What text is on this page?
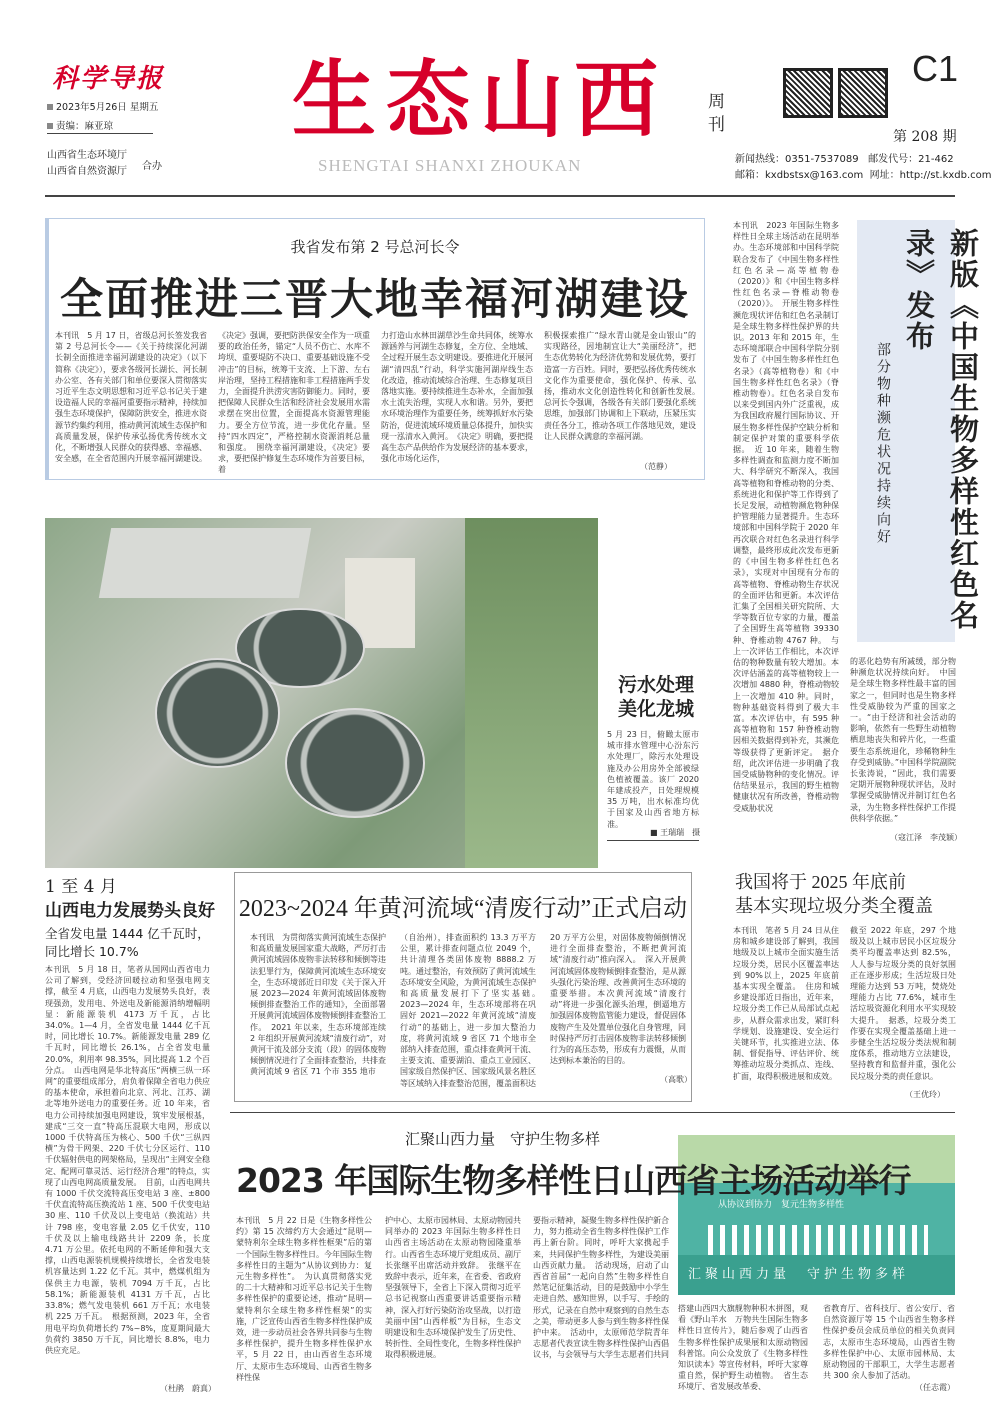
科学导报
2023年5月26日 星期五
责编：麻亚琼
山西省生态环境厅
山西省自然资源厅 合办
生态山西 周刊
SHENGTAI SHANXI ZHOUKAN
C1
第 208 期
新闻热线：0351-7537089 邮发代号：21-462
邮箱：kxdbstsx@163.com 网址：http://st.kxdb.com
我省发布第 2 号总河长令
全面推进三晋大地幸福河湖建设
本刊讯　5 月 17 日，省级总河长签发我省第 2 号总河长令——《关于持续深化河湖长制全面推进幸福河湖建设的决定》（以下简称《决定》），要求各级河长湖长、河长制办公室、各有关部门和单位要深入贯彻落实习近平生态文明思想和习近平总书记关于建设造福人民的幸福河重要指示精神，持续加强生态环境保护，保障防洪安全，推进水资源节约集约利用，推动黄河流域生态保护和高质量发展，保护传承弘扬优秀传统水文化，不断增强人民群众的获得感、幸福感、安全感，在全省范围内开展幸福河湖建设。
《决定》强调，要把防洪保安全作为一项重要的政治任务，锚定“人员不伤亡、水库不垮坝、重要堤防不决口、重要基础设施不受冲击”的目标，统筹干支流、上下游、左右岸治理，坚持工程措施和非工程措施两手发力，全面提升洪涝灾害防御能力。同时，要把保障人民群众生活和经济社会发展用水需求摆在突出位置，全面提高水资源管理能力。要全方位节流，进一步优化存量。坚持“四水四定”，严格控制水资源消耗总量和强度。　围绕幸福河湖建设，《决定》要求，要把保护修复生态环境作为首要目标，着
力打造山水林田湖草沙生命共同体，统筹水源涵养与河湖生态修复，全方位、全地域、全过程开展生态文明建设。要推进化开展河湖“清四乱”行动，科学实施河湖岸线生态化改造，推动流域综合治理、生态修复项目落地实施。要持续推进生态补水，全面加强水土流失治理，实现人水和谐。另外，要把水环境治理作为重要任务，统筹抓好水污染防治，促进流域环境质量总体提升，加快实现一泓清水入黄河。　《决定》明确，要把提高生态产品供给作为发展经济的基本要求，强化市场化运作，
积极探索推广“绿水青山就是金山银山”的实现路径，因地制宜让大“美丽经济”，把生态优势转化为经济优势和发展优势，要打造富一方百姓。同时，要把弘扬优秀传统水文化作为重要使命，强化保护、传承、弘扬，推动水文化创造性转化和创新性发展。　总河长令强调，各级各有关部门要强化系统思维，加强部门协调和上下联动，压紧压实责任各分工，推动各项工作落地见效，建设让人民群众满意的幸福河湖。
（范静）
污水处理
美化龙城
5 月 23 日，俯瞰太原市城市排水管理中心汾东污水处理厂，除污水处理设施及办公用房外全部被绿色植被覆盖。该厂 2020 年建成投产，日处理规模 35 万吨，出水标准均优于国家及山西省地方标准。
■ 王瑞瑞　摄
本刊讯　2023 年国际生物多样性日全球主场活动在昆明举办。生态环境部和中国科学院联合发布了《中国生物多样性红色名录—高等植物卷（2020）》和《中国生物多样性红色名录—脊椎动物卷（2020）》。　开展生物多样性濒危现状评估和红色名录制订是全球生物多样性保护界的共识。2013 年和 2015 年，生态环境部联合中国科学院分别发布了《中国生物多样性红色名录》（高等植物卷）和《中国生物多样性红色名录》（脊椎动物卷）。红色名录自发布以来受到国内外广泛重视，成为我国政府履行国际协议、开展生物多样性保护空缺分析和制定保护对策的重要科学依据。　近 10 年来，随着生物多样性调查和监测力度不断加大、科学研究不断深入，我国高等植物和脊椎动物的分类、系统进化和保护等工作得到了长足发展，动植物濒危物种保护管理能力显著提升。生态环境部和中国科学院于 2020 年再次联合对红色名录进行科学调整，最终形成此次发布更新的《中国生物多样性红色名录》，实现对中国现有分布的高等植物、脊椎动物生存状况的全面评估和更新。本次评估汇集了全国相关研究院所、大学等数百位专家的力量，覆盖了全国野生高等植物 39330 种、脊椎动物 4767 种。　与上一次评估工作相比，本次评估的物种数量有较大增加。本次评估涵盖的高等植物较上一次增加 4880 种，脊椎动物较上一次增加 410 种。同时，物种基础资料得到了极大丰富。本次评估中，有 595 种高等植物和 157 种脊椎动物因相关数据得到补充，其濒危等级获得了更新评定。　据介绍，此次评估进一步明确了我国受威胁物种的变化情况。评估结果显示，我国的野生植物健康状况有所改善，脊椎动物受威胁状况
新版《中国生物多样性红色名录》发布
部分物种濒危状况持续向好
的恶化趋势有所减缓，部分物种濒危状况持续向好。　中国是全球生物多样性最丰富的国家之一，但同时也是生物多样性受威胁较为严重的国家之一。“由于经济和社会活动的影响，依然有一些野生动植物栖息地丧失和碎片化，一些重要生态系统退化，珍稀物种生存受到威胁。”中国科学院副院长张涛说，“因此，我们需要定期开展物种现状评估，及时掌握受威胁情况并制订红色名录，为生物多样性保护工作提供科学依据。”
（寇江泽　李茂颖）
1 至 4 月
山西电力发展势头良好
全省发电量 1444 亿千瓦时，同比增长 10.7%
本刊讯　5 月 18 日，笔者从国网山西省电力公司了解到，受经济回暖拉动和坚强电网支撑，截至 4 月底，山西电力发展势头良好，表现强劲，发用电、外送电及新能源消纳增幅明显：新能源装机 4173 万千瓦，占比 34.0%。1—4 月，全省发电量 1444 亿千瓦时，同比增长 10.7%。新能源发电量 289 亿千瓦时，同比增长 26.1%，占全省发电量 20.0%，利用率 98.35%，同比提高 1.2 个百分点。　山西电网是华北特高压“两横三纵一环网”的重要组成部分，肩负着保障全省电力供应的基本使命，承担着向北京、河北、江苏、湖北等地外送电力的重要任务。近 10 年来，省电力公司持续加强电网建设，筑牢发展根基，建成“三交一直”特高压混联大电网，形成以 1000 千伏特高压为核心、500 千伏“三纵四横”为骨干网架、220 千伏七分区运行、110 千伏辐射供电的网架格局，呈现出“主网安全稳定、配网可靠灵活、运行经济合理”的特点，实现了山西电网高质量发展。　目前，山西电网共有 1000 千伏交流特高压变电站 3 座、±800 千伏直流特高压换流站 1 座、500 千伏变电站 30 座、110 千伏及以上变电站（换流站）共计 798 座，变电容量 2.05 亿千伏安，110 千伏及以上输电线路共计 2209 条，长度 4.71 万公里。依托电网的不断延伸和强大支撑，山西电源装机规模持续增长，全省发电装机容量达到 1.22 亿千瓦。其中，燃煤机组为保供主力电源，装机 7094 万千瓦，占比 58.1%；新能源装机 4131 万千瓦，占比 33.8%；燃气发电装机 661 万千瓦；水电装机 225 万千瓦。　根据预测，2023 年，全省用电平均负荷增长约 7%~8%，度夏期间最大负荷约 3850 万千瓦，同比增长 8.8%，电力供应充足。
（杜鹃　蔚真）
2023~2024 年黄河流域“清废行动”正式启动
本刊讯　为贯彻落实黄河流域生态保护和高质量发展国家重大战略，严厉打击黄河流域固体废物非法转移和倾倒等违法犯罪行为，保障黄河流域生态环境安全，生态环境部近日印发《关于深入开展 2023—2024 年黄河流域固体废物倾倒排查整治工作的通知》，全面部署开展黄河流域固体废物倾倒排查整治工作。　2021 年以来，生态环境部连续 2 年组织开展黄河流域“清废行动”，对黄河干流及部分支流（段）的固体废物倾倒情况进行了全面排查整治，共排查黄河流域 9 省区 71 个市 355 地市
（自治州），排查面积约 13.3 万平方公里，累计排查问题点位 2049 个，共计清理各类固体废物 8888.2 万吨。通过整治，有效预防了黄河流域生态环境安全风险，为黄河流域生态保护和高质量发展打下了坚实基础。　2023—2024 年，生态环境部将在巩固好 2021—2022 年黄河流域“清废行动”的基础上，进一步加大整治力度，将黄河流域 9 省区 71 个地市全部纳入排查范围，重点排查黄河干流、主要支流、重要湖泊、重点工业园区、国家级自然保护区、国家级风景名胜区等区域纳入排查整治范围，覆盖面积达
20 万平方公里，对固体废物倾倒情况进行全面排查整治，不断把黄河流域“清废行动”推向深入。　深入开展黄河流域固体废物倾倒排查整治，是从源头强化污染治理、改善黄河生态环境的重要举措。本次黄河流域“清废行动”将进一步强化源头治理，倒逼地方加强固体废物监管能力建设，督促固体废物产生及处置单位强化自身管理，同时保持严厉打击固体废物非法转移倾倒行为的高压态势，形成有力震慑，从而达到标本兼治的目的。
（高歌）
我国将于 2025 年底前
基本实现垃圾分类全覆盖
本刊讯　笔者 5 月 24 日从住房和城乡建设部了解到，我国地级及以上城市全面实施生活垃圾分类，居民小区覆盖率达到 90%以上，2025 年底前基本实现全覆盖。　住房和城乡建设部近日指出，近年来，垃圾分类工作已从局部试点起步，从群众需求出发，紧盯科学规划、设施建设、安全运行关键环节，扎实推进立法、体制、督促指导、评估评价、统筹推动垃圾分类抓点、连线、扩面，取得积极进展和成效。
截至 2022 年底，297 个地级及以上城市居民小区垃圾分类平均覆盖率达到 82.5%，人人参与垃圾分类的良好氛围正在逐步形成；生活垃圾日处理能力达到 53 万吨，焚烧处理能力占比 77.6%，城市生活垃圾资源化利用水平实现较大提升。　据悉，垃圾分类工作要在实现全覆盖基础上进一步健全生活垃圾分类法规和制度体系，推动地方立法建设，坚持教育和监督并重，强化公民垃圾分类的责任意识。
（王优玲）
汇聚山西力量　守护生物多样
从协议到协力　复元生物多样性
汇聚山西力量　守护生物多样
2023 年国际生物多样性日山西省主场活动举行
本刊讯　5 月 22 日是《生物多样性公约》第 15 次缔约方大会通过“昆明—蒙特利尔全球生物多样性框架”后的第一个国际生物多样性日。今年国际生物多样性日的主题为“从协议到协力：复元生物多样性”。　为认真贯彻落实党的二十大精神和习近平总书记关于生物多样性保护的重要论述，推动“昆明—蒙特利尔全球生物多样性框架”的实施，广泛宣传山西省生物多样性保护成效，进一步动员社会各界共同参与生物多样性保护，提升生物多样性保护水平，5 月 22 日，由山西省生态环境厅、太原市生态环境局、山西省生物多样性保
护中心、太原市园林局、太原动物园共同举办的 2023 年国际生物多样性日山西省主场活动在太原动物园隆重举行。山西省生态环境厅党组成员、副厅长张继平出席活动并致辞。　张继平在致辞中表示，近年来，在省委、省政府坚强领导下，全省上下深入贯彻习近平总书记视察山西重要讲话重要指示精神，深入打好污染防治攻坚战，以打造美丽中国“山西样板”为目标，生态文明建设和生态环境保护发生了历史性、转折性、全局性变化，生物多样性保护取得积极进展。
要指示精神，凝聚生物多样性保护新合力，努力推动全省生物多样性保护工作再上新台阶。同时，呼吁大家携起手来，共同保护生物多样性，为建设美丽山西贡献力量。　活动现场，启动了山西省首届“一起向自然”生物多样性自然笔记征集活动，目的是鼓励中小学生走进自然、感知世界，以手写、手绘的形式，记录在自然中观察到的自然生态之美，带动更多人参与到生物多样性保护中来。　活动中，太原师范学院青年志愿者代表宣读生物多样性保护山西倡议书，与会领导与大学生志愿者们共同
搭建山西四大旗舰物种积木拼图，观看《野山羊水　万物共生国际生物多样性日宣传片》，随后参观了山西省生物多样性保护成果展和太原动物园科普馆。向公众发放了《生物多样性知识读本》等宣传材料，呼吁大家尊重自然，保护野生动植物。　省生态环境厅、省发展改革委、
省教育厅、省科技厅、省公安厅、省自然资源厅等 15 个山西省生物多样性保护委员会成员单位的相关负责同志，太原市生态环境局，山西省生物多样性保护中心、太原市园林局、太原动物园的干部职工，大学生志愿者共 300 余人参加了活动。
（任志霞）
